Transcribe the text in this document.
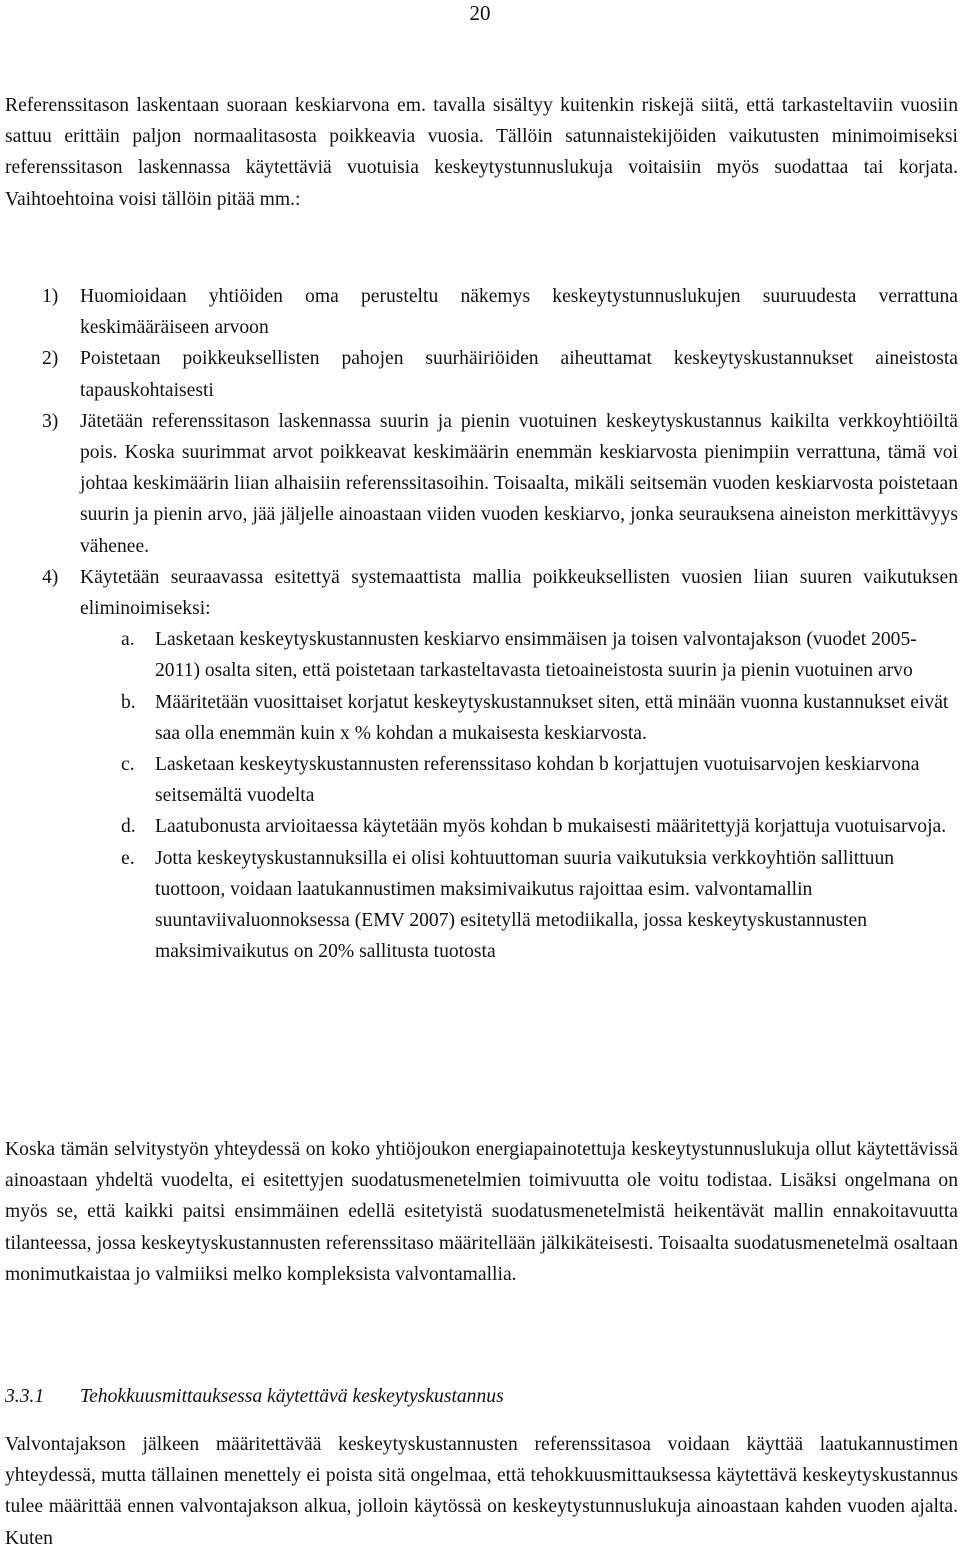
20

Referenssitason laskentaan suoraan keskiarvona em. tavalla sisältyy kuitenkin riskejä siitä, että tarkasteltaviin vuosiin sattuu erittäin paljon normaalitasosta poikkeavia vuosia. Tällöin satunnaistekijöiden vaikutusten minimoimiseksi referenssitason laskennassa käytettäviä vuotuisia keskeytystunnuslukuja voitaisiin myös suodattaa tai korjata. Vaihtoehtoina voisi tällöin pitää mm.:

1) Huomioidaan yhtiöiden oma perusteltu näkemys keskeytystunnuslukujen suuruudesta verrattuna keskimääräiseen arvoon
2) Poistetaan poikkeuksellisten pahojen suurhäiriöiden aiheuttamat keskeytyskustannukset aineistosta tapauskohtaisesti
3) Jätetään referenssitason laskennassa suurin ja pienin vuotuinen keskeytyskustannus kaikilta verkkoyhtiöiltä pois. Koska suurimmat arvot poikkeavat keskimäärin enemmän keskiarvosta pienimpiin verrattuna, tämä voi johtaa keskimäärin liian alhaisiin referenssitasoihin. Toisaalta, mikäli seitsemän vuoden keskiarvosta poistetaan suurin ja pienin arvo, jää jäljelle ainoastaan viiden vuoden keskiarvo, jonka seurauksena aineiston merkittävyys vähenee.
4) Käytetään seuraavassa esitettyä systemaattista mallia poikkeuksellisten vuosien liian suuren vaikutuksen eliminoimiseksi:
a. Lasketaan keskeytyskustannusten keskiarvo ensimmäisen ja toisen valvontajakson (vuodet 2005-2011) osalta siten, että poistetaan tarkasteltavasta tietoaineistosta suurin ja pienin vuotuinen arvo
b. Määritetään vuosittaiset korjatut keskeytyskustannukset siten, että minään vuonna kustannukset eivät saa olla enemmän kuin x % kohdan a mukaisesta keskiarvosta.
c. Lasketaan keskeytyskustannusten referenssitaso kohdan b korjattujen vuotuisarvojen keskiarvona seitsemältä vuodelta
d. Laatubonusta arvioitaessa käytetään myös kohdan b mukaisesti määritettyjä korjattuja vuotuisarvoja.
e. Jotta keskeytyskustannuksilla ei olisi kohtuuttoman suuria vaikutuksia verkkoyhtiön sallittuun tuottoon, voidaan laatukannustimen maksimivaikutus rajoittaa esim. valvontamallin suuntaviivaluonnoksessa (EMV 2007) esitetyllä metodiikalla, jossa keskeytyskustannusten maksimivaikutus on 20% sallitusta tuotosta

Koska tämän selvitystyön yhteydessä on koko yhtiöjoukon energiapainotettuja keskeytystunnuslukuja ollut käytettävissä ainoastaan yhdeltä vuodelta, ei esitettyjen suodatusmenetelmien toimivuutta ole voitu todistaa. Lisäksi ongelmana on myös se, että kaikki paitsi ensimmäinen edellä esitetyistä suodatusmenetelmistä heikentävät mallin ennakoitavuutta tilanteessa, jossa keskeytyskustannusten referenssitaso määritellään jälkikäteisesti. Toisaalta suodatusmenetelmä osaltaan monimutkaistaa jo valmiiksi melko kompleksista valvontamallia.

3.3.1 Tehokkuusmittauksessa käytettävä keskeytyskustannus

Valvontajakson jälkeen määritettävää keskeytyskustannusten referenssitasoa voidaan käyttää laatukannustimen yhteydessä, mutta tällainen menettely ei poista sitä ongelmaa, että tehokkuusmittauksessa käytettävä keskeytyskustannus tulee määrittää ennen valvontajakson alkua, jolloin käytössä on keskeytystunnuslukuja ainoastaan kahden vuoden ajalta. Kuten
